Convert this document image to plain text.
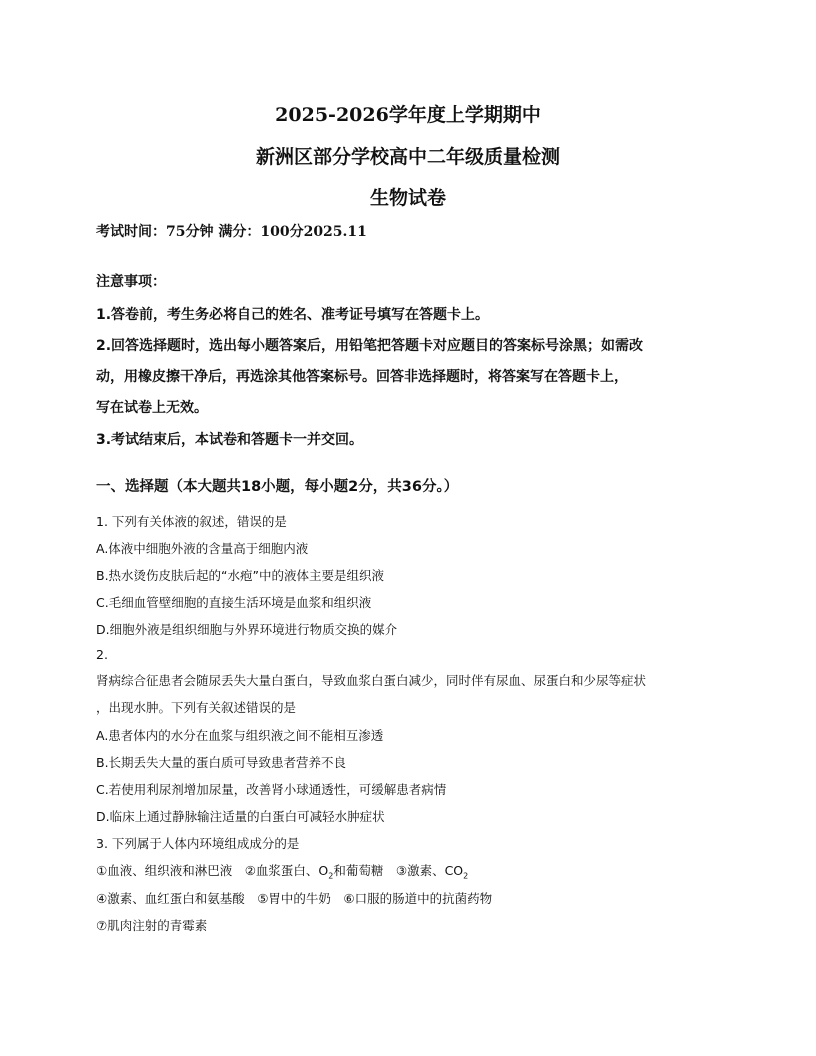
2025-2026学年度上学期期中
新洲区部分学校高中二年级质量检测
生物试卷
考试时间：75分钟 满分：100分2025.11
注意事项：
1.答卷前，考生务必将自己的姓名、准考证号填写在答题卡上。
2.回答选择题时，选出每小题答案后，用铅笔把答题卡对应题目的答案标号涂黑；如需改
动，用橡皮擦干净后，再选涂其他答案标号。回答非选择题时，将答案写在答题卡上，
写在试卷上无效。
3.考试结束后，本试卷和答题卡一并交回。
一、选择题（本大题共18小题，每小题2分，共36分。）
1. 下列有关体液的叙述，错误的是
A.体液中细胞外液的含量高于细胞内液
B.热水烫伤皮肤后起的“水疱”中的液体主要是组织液
C.毛细血管壁细胞的直接生活环境是血浆和组织液
D.细胞外液是组织细胞与外界环境进行物质交换的媒介
2.
肾病综合征患者会随尿丢失大量白蛋白，导致血浆白蛋白减少，同时伴有尿血、尿蛋白和少尿等症状
，出现水肿。下列有关叙述错误的是
A.患者体内的水分在血浆与组织液之间不能相互渗透
B.长期丢失大量的蛋白质可导致患者营养不良
C.若使用利尿剂增加尿量，改善肾小球通透性，可缓解患者病情
D.临床上通过静脉输注适量的白蛋白可减轻水肿症状
3. 下列属于人体内环境组成成分的是
①血液、组织液和淋巴液　②血浆蛋白、$O_2$和葡萄糖　③激素、$CO_2$
④激素、血红蛋白和氨基酸　⑤胃中的牛奶　⑥口服的肠道中的抗菌药物
⑦肌肉注射的青霉素
